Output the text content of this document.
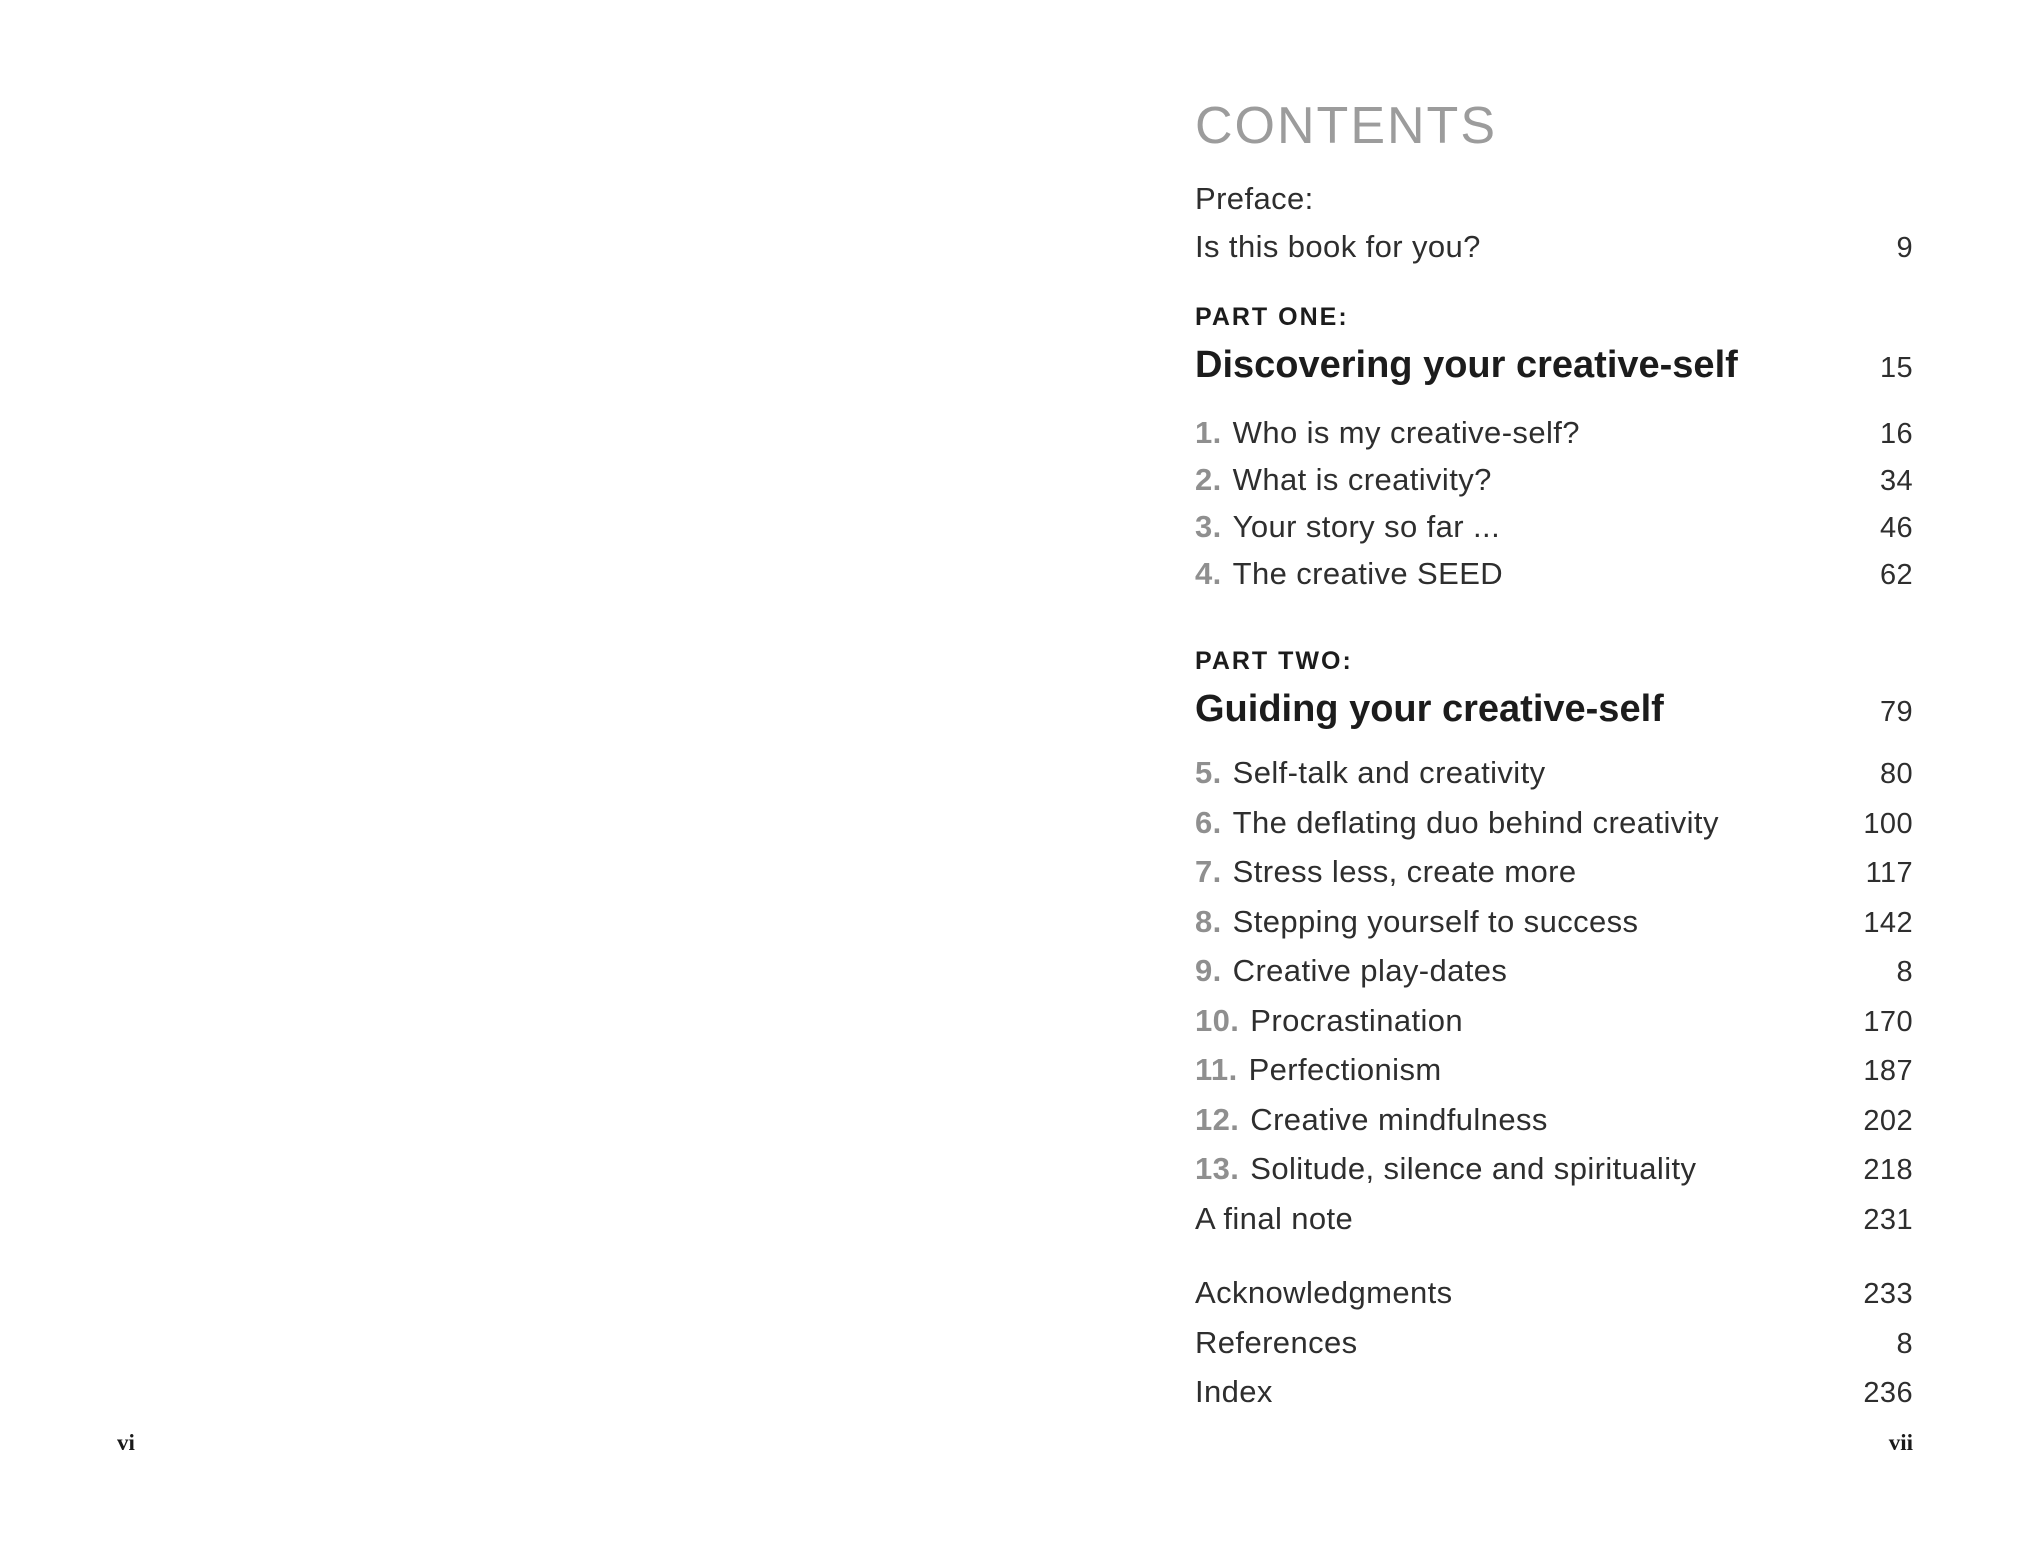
CONTENTS
Preface:
Is this book for you?	9
PART ONE:
Discovering your creative-self	15
1. Who is my creative-self?	16
2. What is creativity?	34
3. Your story so far ...	46
4. The creative SEED	62
PART TWO:
Guiding your creative-self	79
5. Self-talk and creativity	80
6. The deflating duo behind creativity	100
7. Stress less, create more	117
8. Stepping yourself to success	142
9. Creative play-dates	8
10. Procrastination	170
11. Perfectionism	187
12. Creative mindfulness	202
13. Solitude, silence and spirituality	218
A final note	231
Acknowledgments	233
References	8
Index	236
vi	vii
